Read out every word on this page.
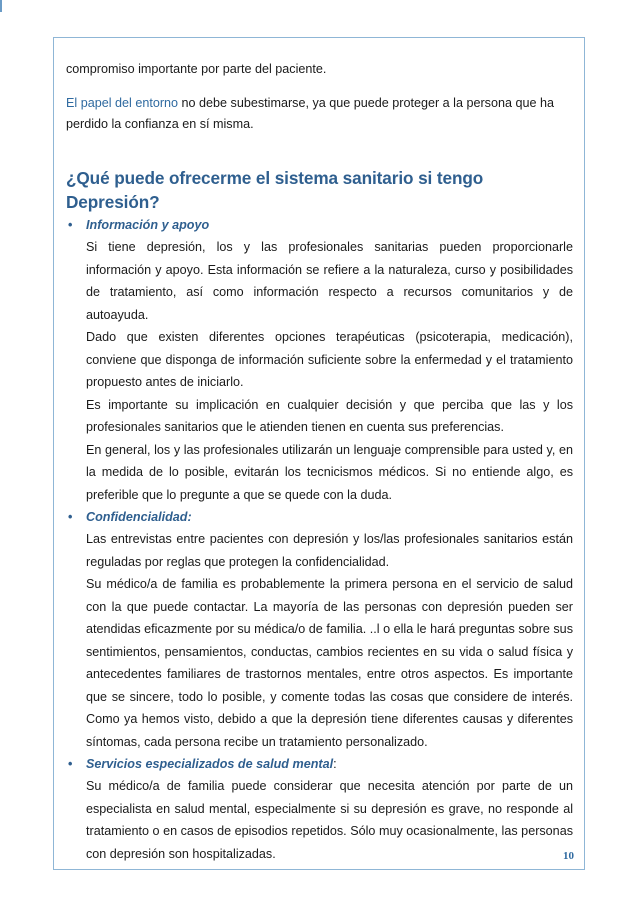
compromiso importante por parte del paciente.

El papel del entorno no debe subestimarse, ya que puede proteger a la persona que ha perdido la confianza en sí misma.

¿Qué puede ofrecerme el sistema sanitario si tengo Depresión?
• Información y apoyo

Si tiene depresión, los y las profesionales sanitarias pueden proporcionarle información y apoyo. Esta información se refiere a la naturaleza, curso y posibilidades de tratamiento, así como información respecto a recursos comunitarios y de autoayuda.

Dado que existen diferentes opciones terapéuticas (psicoterapia, medicación), conviene que disponga de información suficiente sobre la enfermedad y el tratamiento propuesto antes de iniciarlo.

Es importante su implicación en cualquier decisión y que perciba que las y los profesionales sanitarios que le atienden tienen en cuenta sus preferencias.

En general, los y las profesionales utilizarán un lenguaje comprensible para usted y, en la medida de lo posible, evitarán los tecnicismos médicos. Si no entiende algo, es preferible que lo pregunte a que se quede con la duda.

• Confidencialidad:

Las entrevistas entre pacientes con depresión y los/las profesionales sanitarios están reguladas por reglas que protegen la confidencialidad.

Su médico/a de familia es probablemente la primera persona en el servicio de salud con la que puede contactar. La mayoría de las personas con depresión pueden ser atendidas eficazmente por su médica/o de familia. ..l o ella le hará preguntas sobre sus sentimientos, pensamientos, conductas, cambios recientes en su vida o salud física y antecedentes familiares de trastornos mentales, entre otros aspectos. Es importante que se sincere, todo lo posible, y comente todas las cosas que considere de interés. Como ya hemos visto, debido a que la depresión tiene diferentes causas y diferentes síntomas, cada persona recibe un tratamiento personalizado.

• Servicios especializados de salud mental:

Su médico/a de familia puede considerar que necesita atención por parte de un especialista en salud mental, especialmente si su depresión es grave, no responde al tratamiento o en casos de episodios repetidos. Sólo muy ocasionalmente, las personas con depresión son hospitalizadas.	10
